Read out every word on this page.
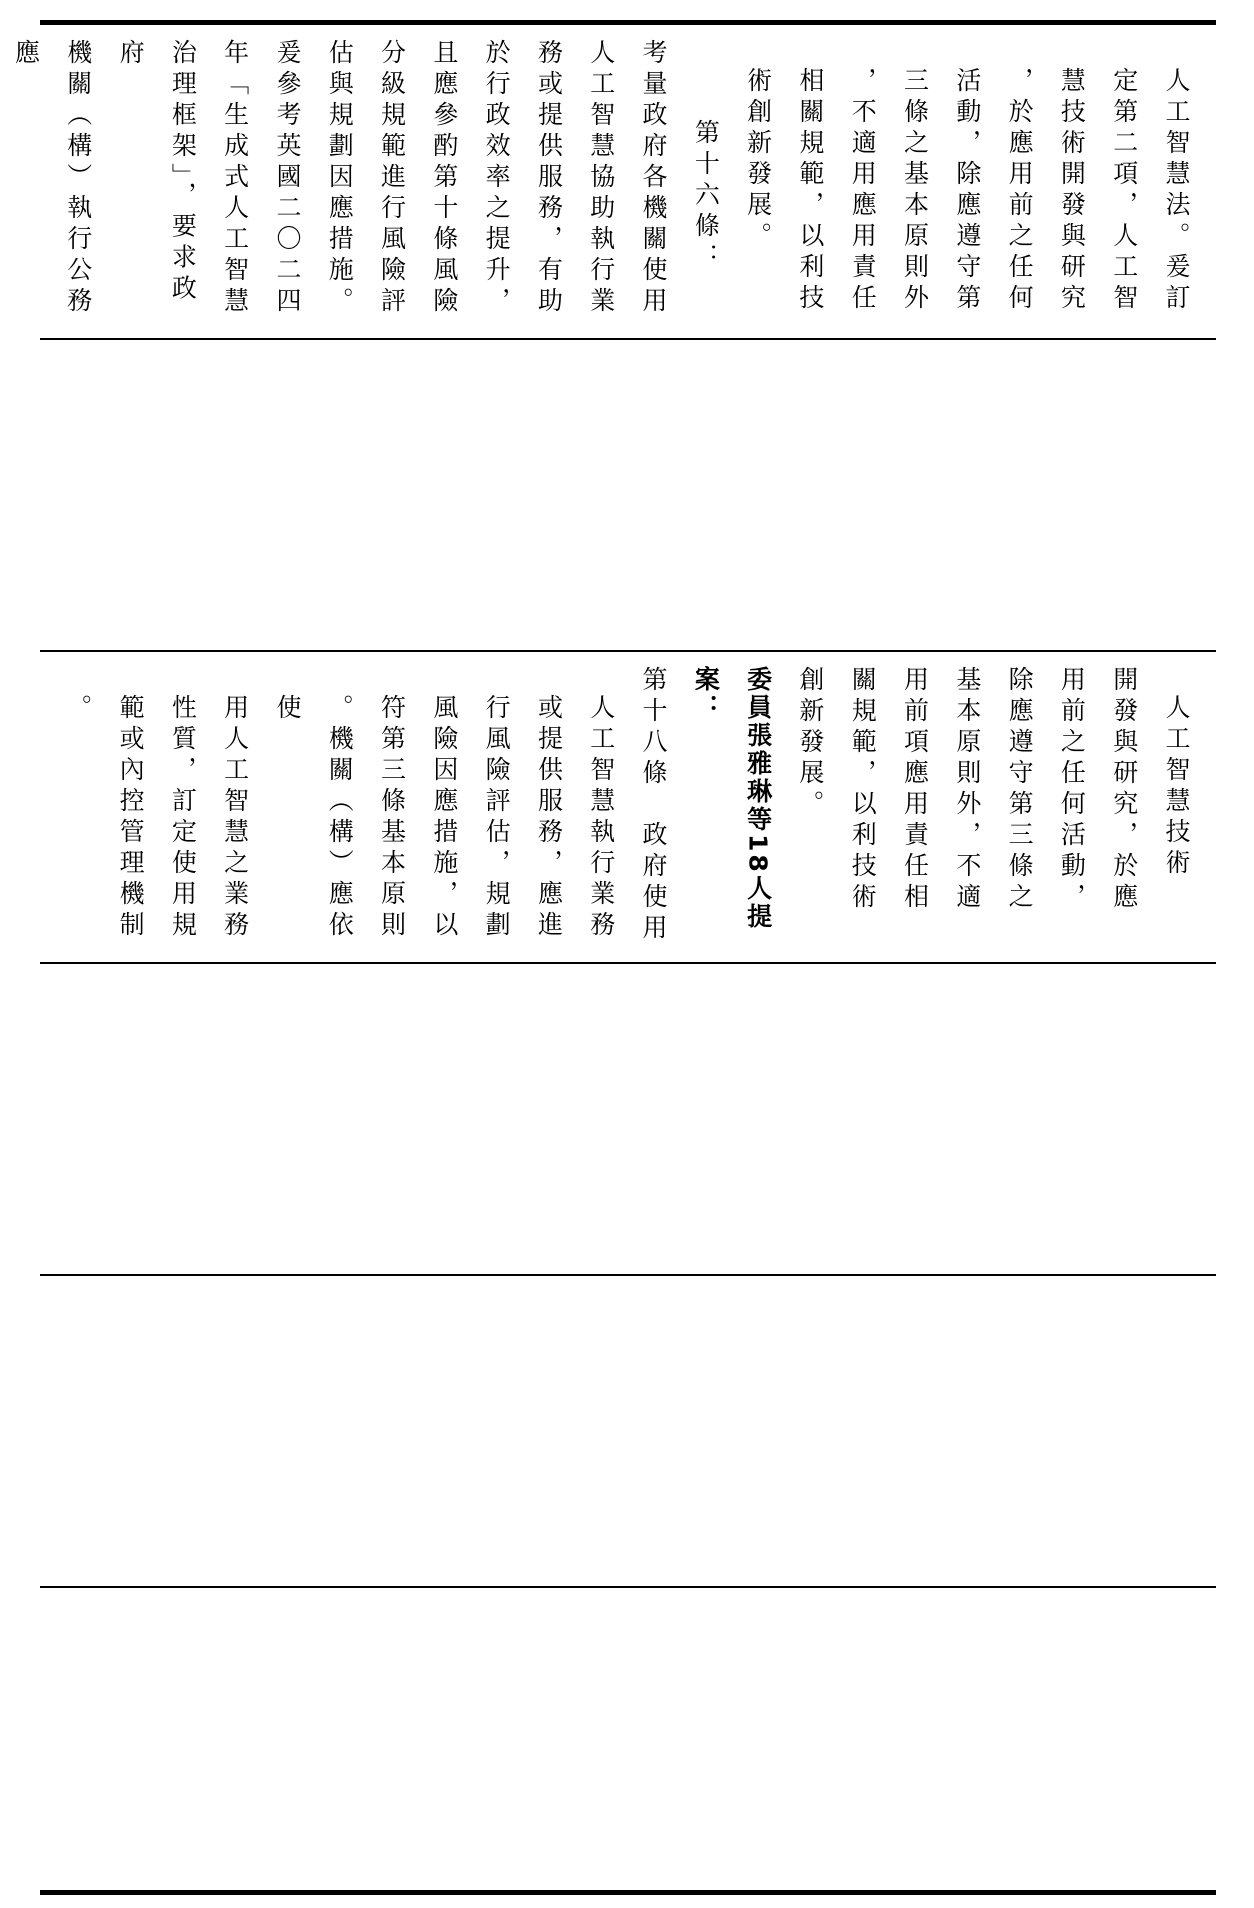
人工智慧法。爰訂

定第二項，人工智

慧技術開發與研究

，於應用前之任何

活動，除應遵守第

三條之基本原則外

，不適用應用責任

相關規範，以利技

術創新發展。

第十六條：

考量政府各機關使用

人工智慧協助執行業

務或提供服務，有助

於行政效率之提升，

且應參酌第十條風險

分級規範進行風險評

估與規劃因應措施。

爰參考英國二〇二四

年「生成式人工智慧

治理框架」，要求政府

機關（構）執行公務應

人工智慧技術

開發與研究，於應

用前之任何活動，

除應遵守第三條之

基本原則外，不適

用前項應用責任相

關規範，以利技術

創新發展。

委員張雅琳等18人提

案：

第十八條　政府使用

人工智慧執行業務

或提供服務，應進

行風險評估，規劃

風險因應措施，以

符第三條基本原則

。機關（構）應依使

用人工智慧之業務

性質，訂定使用規

範或內控管理機制

。
